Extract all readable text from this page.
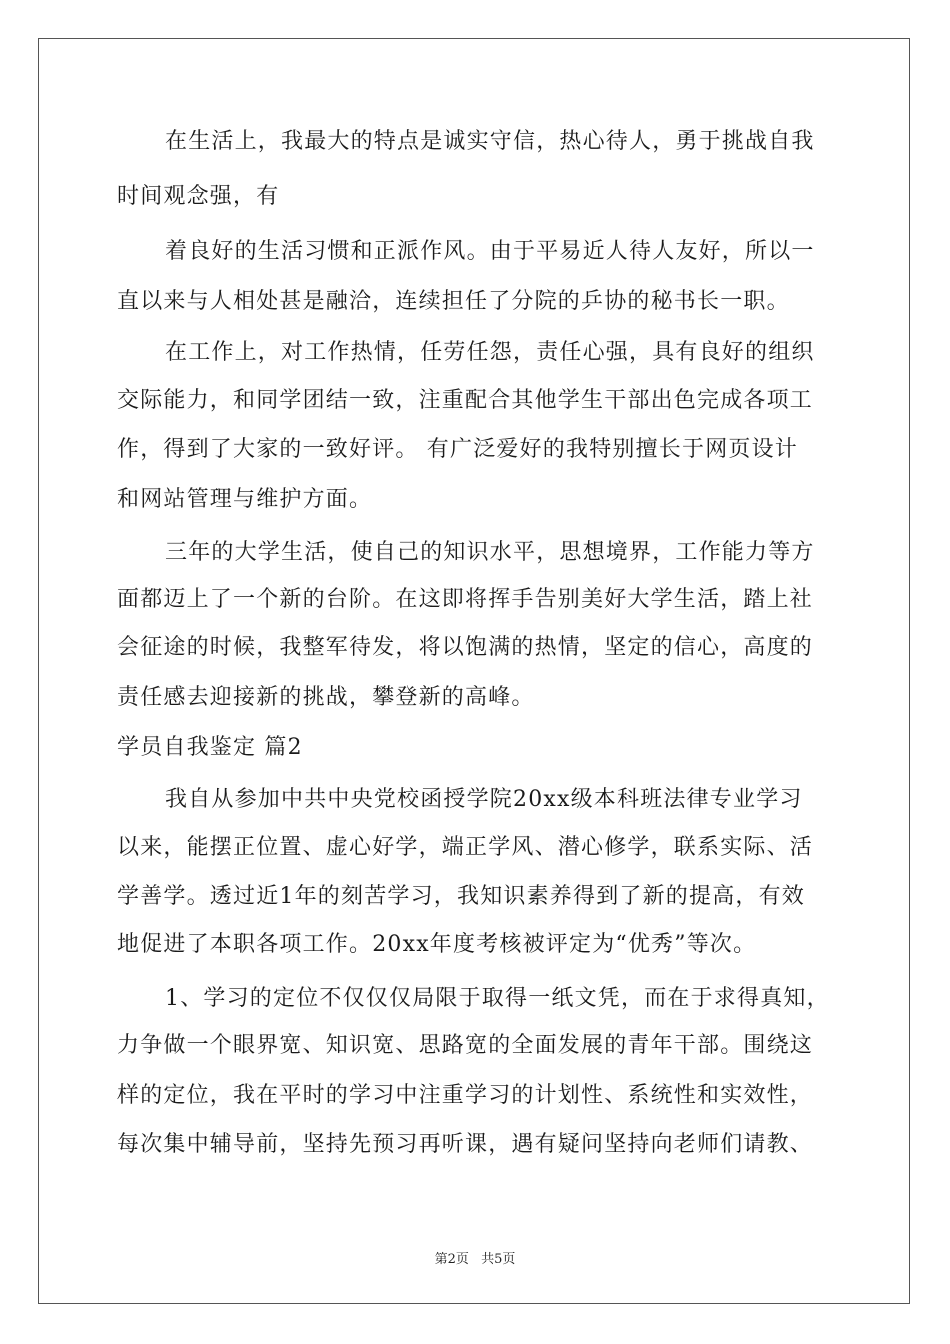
在生活上，我最大的特点是诚实守信，热心待人，勇于挑战自我
时间观念强，有
着良好的生活习惯和正派作风。由于平易近人待人友好，所以一
直以来与人相处甚是融洽，连续担任了分院的乒协的秘书长一职。
在工作上，对工作热情，任劳任怨，责任心强，具有良好的组织
交际能力，和同学团结一致，注重配合其他学生干部出色完成各项工
作，得到了大家的一致好评。 有广泛爱好的我特别擅长于网页设计
和网站管理与维护方面。
三年的大学生活，使自己的知识水平，思想境界，工作能力等方
面都迈上了一个新的台阶。在这即将挥手告别美好大学生活，踏上社
会征途的时候，我整军待发，将以饱满的热情，坚定的信心，高度的
责任感去迎接新的挑战，攀登新的高峰。
学员自我鉴定 篇2
我自从参加中共中央党校函授学院20xx级本科班法律专业学习
以来，能摆正位置、虚心好学，端正学风、潜心修学，联系实际、活
学善学。透过近1年的刻苦学习，我知识素养得到了新的提高，有效
地促进了本职各项工作。20xx年度考核被评定为“优秀”等次。
1、学习的定位不仅仅仅局限于取得一纸文凭，而在于求得真知，
力争做一个眼界宽、知识宽、思路宽的全面发展的青年干部。围绕这
样的定位，我在平时的学习中注重学习的计划性、系统性和实效性，
每次集中辅导前，坚持先预习再听课，遇有疑问坚持向老师们请教、
第2页 共5页
